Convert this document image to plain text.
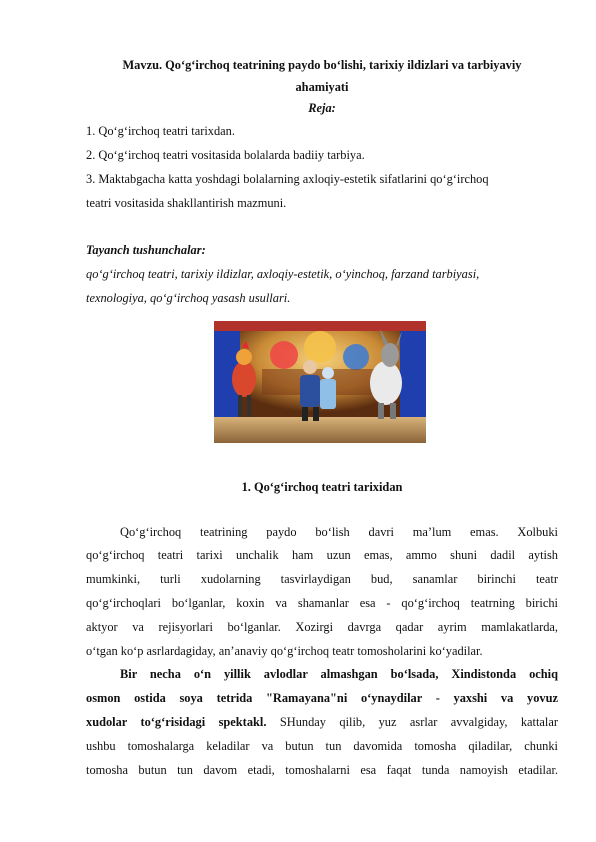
Mavzu. Qo‘g‘irchoq teatrining paydo bo‘lishi, tarixiy ildizlari va tarbiyaviy
ahamiyati
Reja:
1. Qo‘g‘irchoq teatri tarixdan.
2. Qo‘g‘irchoq teatri vositasida bolalarda badiiy tarbiya.
3. Maktabgacha katta yoshdagi bolalarning axloqiy-estetik sifatlarini qo‘g‘irchoq
teatri vositasida shakllantirish mazmuni.
Tayanch tushunchalar:
qo‘g‘irchoq teatri, tarixiy ildizlar, axloqiy-estetik, o‘yinchoq, farzand tarbiyasi,
texnologiya, qo‘g‘irchoq yasash usullari.
1. Qo‘g‘irchoq teatri tarixidan
Qo‘g‘irchoq teatrining paydo bo‘lish davri ma’lum emas. Xolbuki
qo‘g‘irchoq teatri tarixi unchalik ham uzun emas, ammo shuni dadil aytish
mumkinki, turli xudolarning tasvirlaydigan bud, sanamlar birinchi teatr
qo‘g‘irchoqlari bo‘lganlar, koxin va shamanlar esa - qo‘g‘irchoq teatrning birichi
aktyor va rejisyorlari bo‘lganlar. Xozirgi davrga qadar ayrim mamlakatlarda,
o‘tgan ko‘p asrlardagiday, an’anaviy qo‘g‘irchoq teatr tomosholarini ko‘yadilar.
Bir necha o‘n yillik avlodlar almashgan bo‘lsada, Xindistonda ochiq
osmon ostida soya tetrida "Ramayana"ni o‘ynaydilar - yaxshi va yovuz
xudolar to‘g‘risidagi spektakl. SHunday qilib, yuz asrlar avvalgiday, kattalar
ushbu tomoshalarga keladilar va butun tun davomida tomosha qiladilar, chunki
tomosha butun tun davom etadi, tomoshalarni esa faqat tunda namoyish etadilar.
